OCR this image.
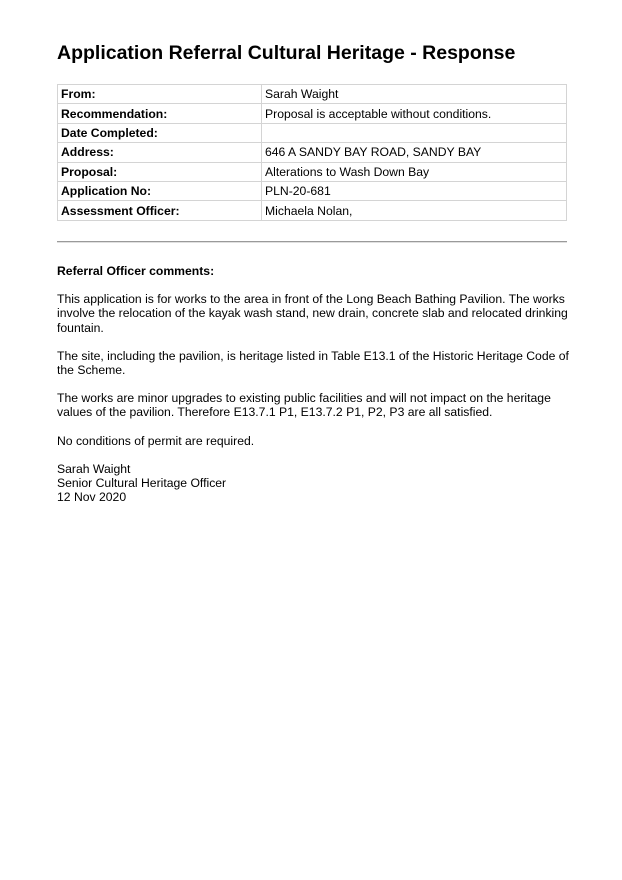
Application Referral Cultural Heritage - Response
From:	Sarah Waight
Recommendation:	Proposal is acceptable without conditions.
Date Completed:	
Address:	646 A SANDY BAY ROAD, SANDY BAY
Proposal:	Alterations to Wash Down Bay
Application No:	PLN-20-681
Assessment Officer:	Michaela Nolan,
Referral Officer comments:

This application is for works to the area in front of the Long Beach Bathing Pavilion. The works involve the relocation of the kayak wash stand, new drain, concrete slab and relocated drinking fountain.

The site, including the pavilion, is heritage listed in Table E13.1 of the Historic Heritage Code of the Scheme.

The works are minor upgrades to existing public facilities and will not impact on the heritage values of the pavilion. Therefore E13.7.1 P1, E13.7.2 P1, P2, P3 are all satisfied.

No conditions of permit are required.

Sarah Waight
Senior Cultural Heritage Officer
12 Nov 2020
